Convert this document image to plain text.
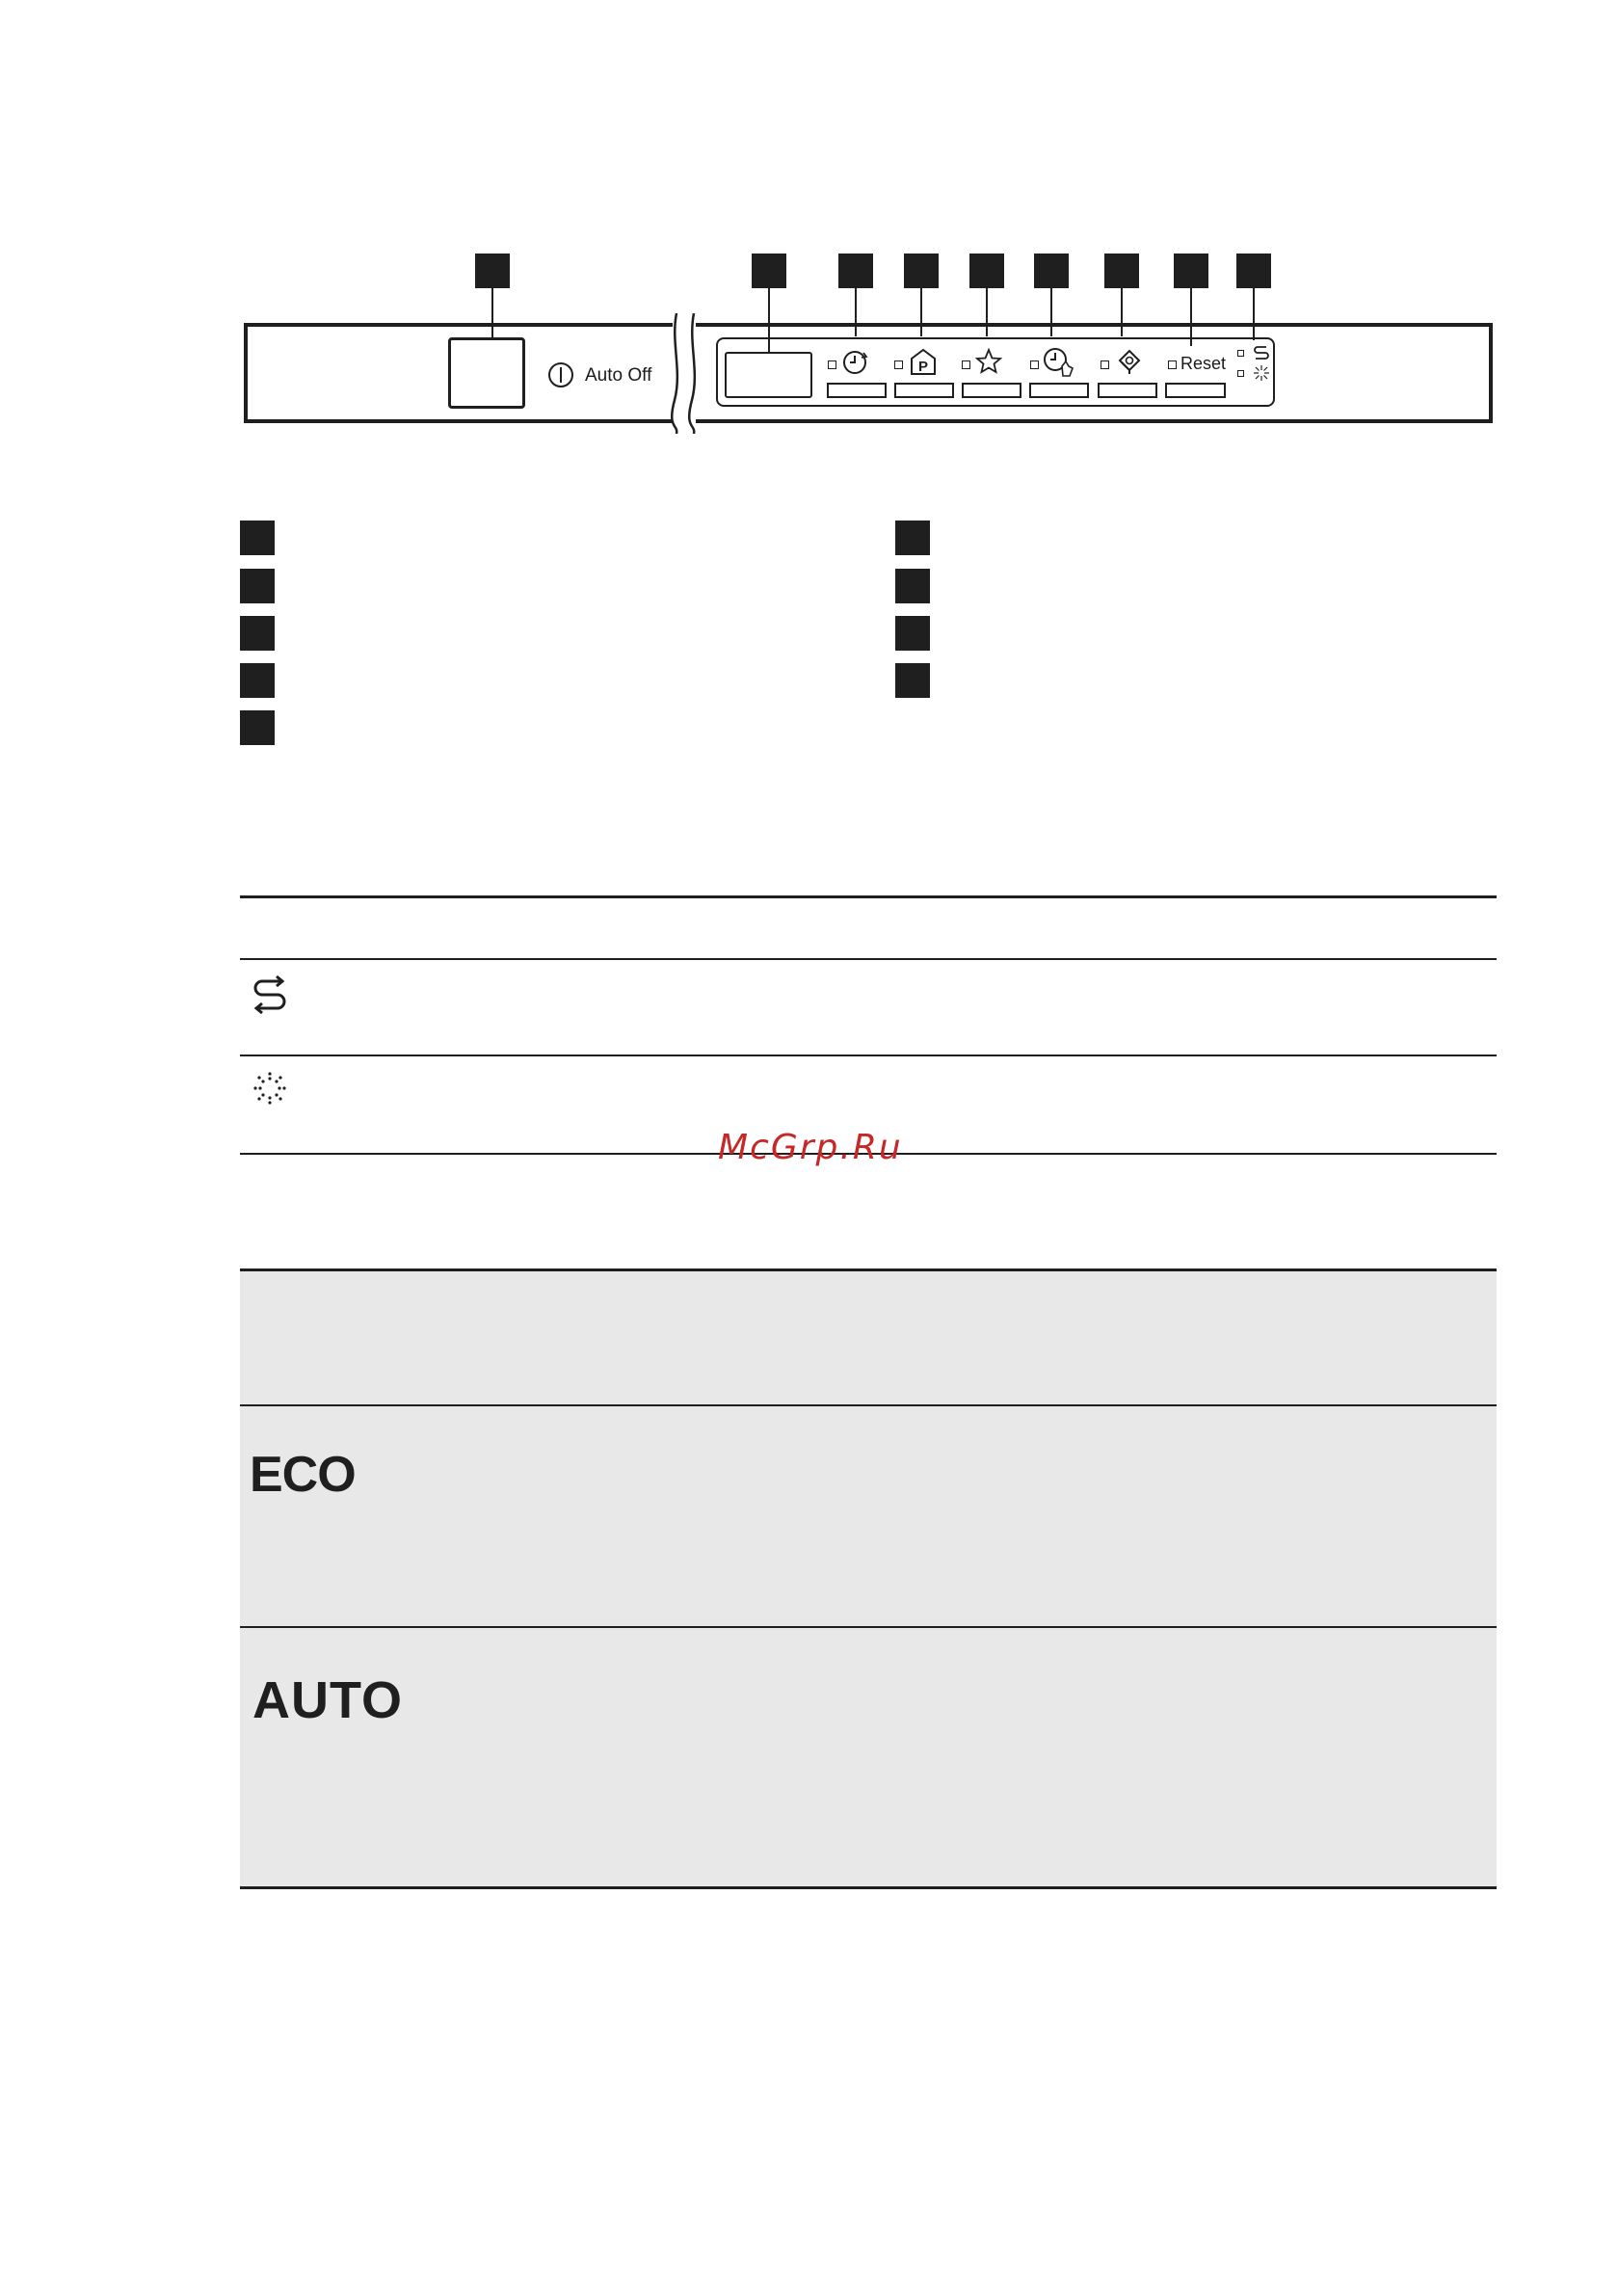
Auto Off	P	Reset
McGrp.Ru
ECO
AUTO
